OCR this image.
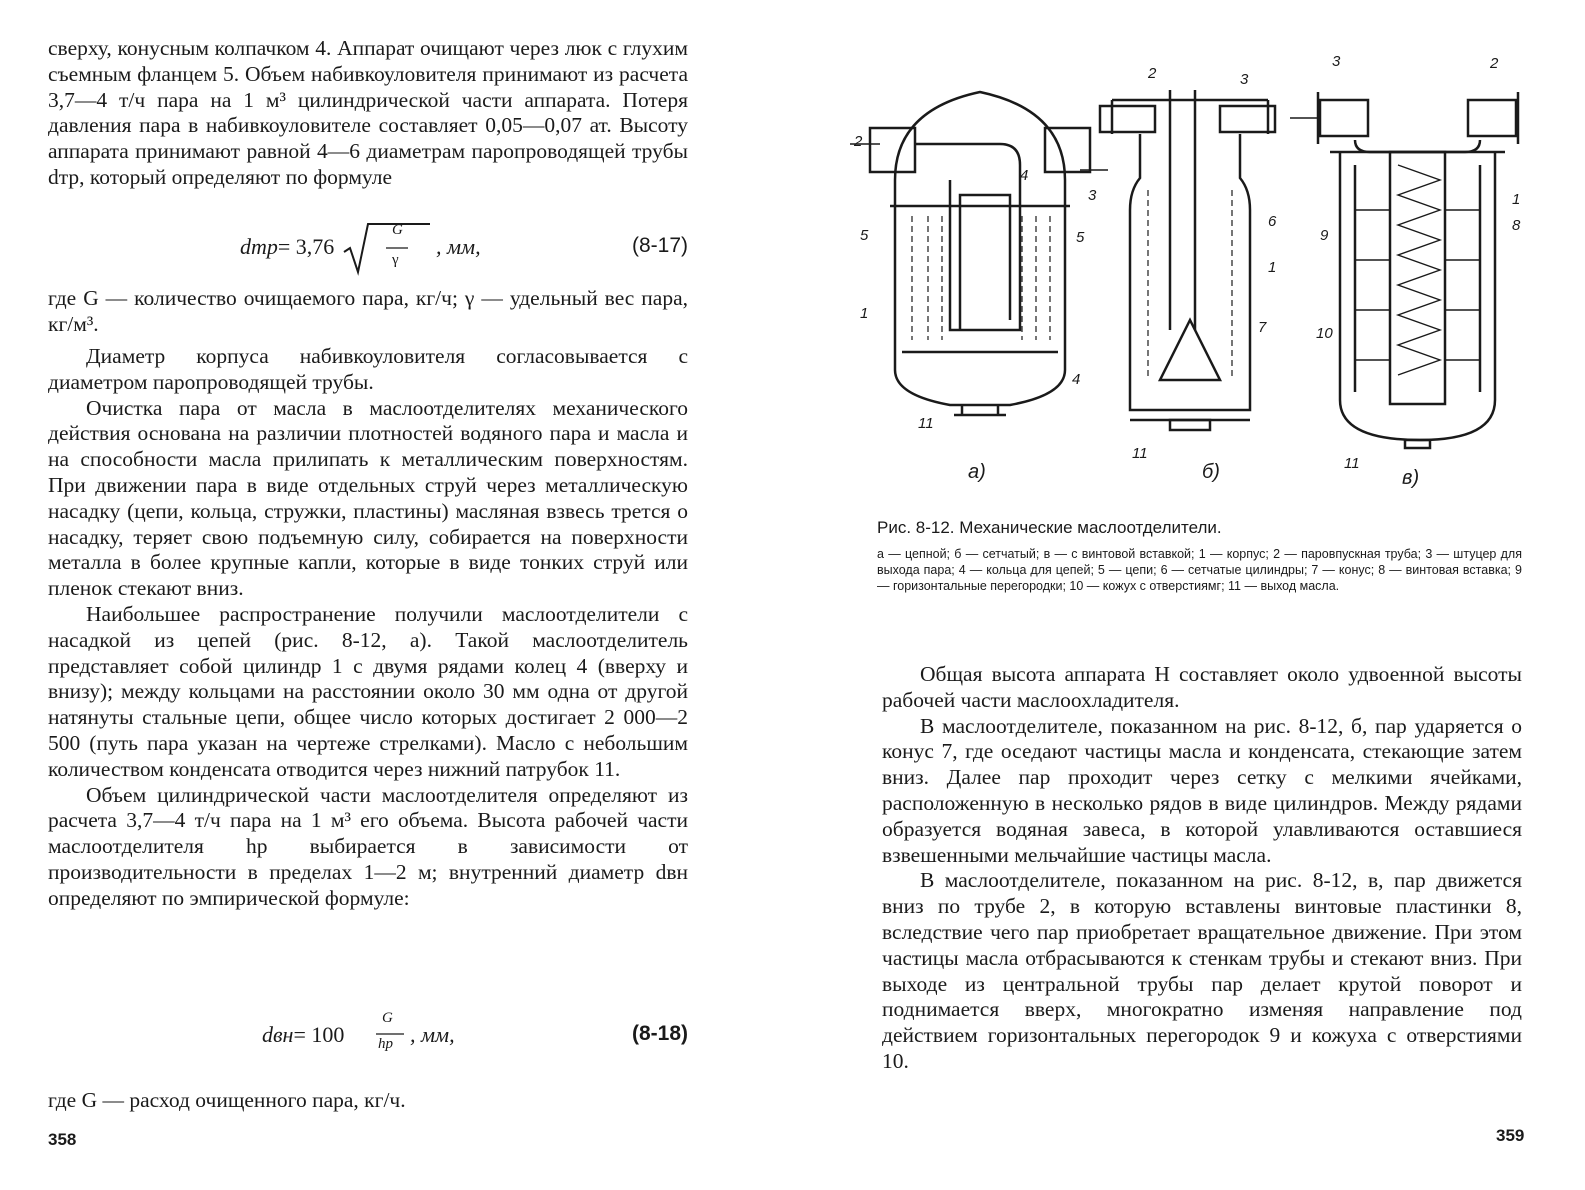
сверху, конусным колпачком 4. Аппарат очищают через люк с глухим съемным фланцем 5. Объем набивкоуловителя принимают из расчета 3,7—4 т/ч пара на 1 м³ цилиндрической части аппарата. Потеря давления пара в набивкоуловителе составляет 0,05—0,07 ат. Высоту аппарата принимают равной 4—6 диаметрам паропроводящей трубы dтр, который определяют по формуле

dтр= 3,76
G
γ
, мм,	(8-17)

где G — количество очищаемого пара, кг/ч; γ — удельный вес пара, кг/м³.

Диаметр корпуса набивкоуловителя согласовывается с диаметром паропроводящей трубы.

Очистка пара от масла в маслоотделителях механического действия основана на различии плотностей водяного пара и масла и на способности масла прилипать к металлическим поверхностям. При движении пара в виде отдельных струй через металлическую насадку (цепи, кольца, стружки, пластины) масляная взвесь трется о насадку, теряет свою подъемную силу, собирается на поверхности металла в более крупные капли, которые в виде тонких струй или пленок стекают вниз.

Наибольшее распространение получили маслоотделители с насадкой из цепей (рис. 8-12, а). Такой маслоотделитель представляет собой цилиндр 1 с двумя рядами колец 4 (вверху и внизу); между кольцами на расстоянии около 30 мм одна от другой натянуты стальные цепи, общее число которых достигает 2 000—2 500 (путь пара указан на чертеже стрелками). Масло с небольшим количеством конденсата отводится через нижний патрубок 11.

Объем цилиндрической части маслоотделителя определяют из расчета 3,7—4 т/ч пара на 1 м³ его объема. Высота рабочей части маслоотделителя hр выбирается в зависимости от производительности в пределах 1—2 м; внутренний диаметр dвн определяют по эмпирической формуле:

dвн= 100
G
hр , мм,	(8-18)

где G — расход очищенного пара, кг/ч.

358
2
4
3
5	5
1
4
11
2	3
6
1
7
11
3	2
1
8
9
10
11
а)	б)	в)
Рис. 8-12. Механические маслоотделители.
а — цепной; б — сетчатый; в — с винтовой вставкой; 1 — корпус; 2 — паровпускная труба; 3 — штуцер для выхода пара; 4 — кольца для цепей; 5 — цепи; 6 — сетчатые цилиндры; 7 — конус; 8 — винтовая вставка; 9 — горизонтальные перегородки; 10 — кожух с отверстиямг; 11 — выход масла.

Общая высота аппарата H составляет около удвоенной высоты рабочей части маслоохладителя.

В маслоотделителе, показанном на рис. 8-12, б, пар ударяется о конус 7, где оседают частицы масла и конденсата, стекающие затем вниз. Далее пар проходит через сетку с мелкими ячейками, расположенную в несколько рядов в виде цилиндров. Между рядами образуется водяная завеса, в которой улавливаются оставшиеся взвешенными мельчайшие частицы масла.

В маслоотделителе, показанном на рис. 8-12, в, пар движется вниз по трубе 2, в которую вставлены винтовые пластинки 8, вследствие чего пар приобретает вращательное движение. При этом частицы масла отбрасываются к стенкам трубы и стекают вниз. При выходе из центральной трубы пар делает крутой поворот и поднимается вверх, многократно изменяя направление под действием горизонтальных перегородок 9 и кожуха с отверстиями 10.

359
